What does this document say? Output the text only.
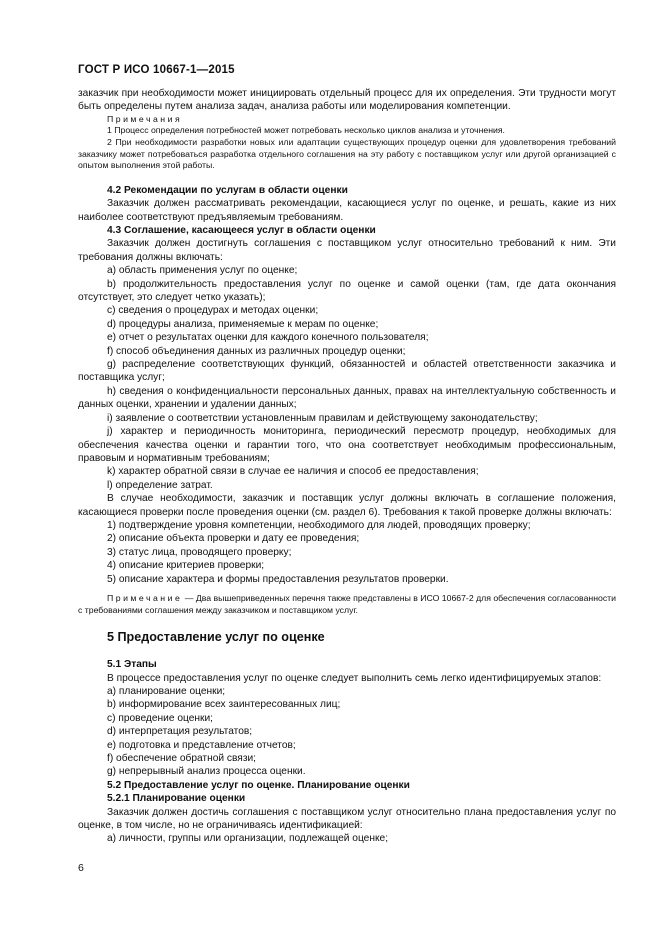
ГОСТ Р ИСО 10667-1—2015

заказчик при необходимости может инициировать отдельный процесс для их определения. Эти трудности могут быть определены путем анализа задач, анализа работы или моделирования компетенции.

Примечания

1 Процесс определения потребностей может потребовать несколько циклов анализа и уточнения.

2 При необходимости разработки новых или адаптации существующих процедур оценки для удовлетворения требований заказчику может потребоваться разработка отдельного соглашения на эту работу с поставщиком услуг или другой организацией с опытом выполнения этой работы.

4.2 Рекомендации по услугам в области оценки

Заказчик должен рассматривать рекомендации, касающиеся услуг по оценке, и решать, какие из них наиболее соответствуют предъявляемым требованиям.

4.3 Соглашение, касающееся услуг в области оценки

Заказчик должен достигнуть соглашения с поставщиком услуг относительно требований к ним. Эти требования должны включать:

a) область применения услуг по оценке;

b) продолжительность предоставления услуг по оценке и самой оценки (там, где дата окончания отсутствует, это следует четко указать);

c) сведения о процедурах и методах оценки;

d) процедуры анализа, применяемые к мерам по оценке;

e) отчет о результатах оценки для каждого конечного пользователя;

f) способ объединения данных из различных процедур оценки;

g) распределение соответствующих функций, обязанностей и областей ответственности заказчика и поставщика услуг;

h) сведения о конфиденциальности персональных данных, правах на интеллектуальную собственность и данных оценки, хранении и удалении данных;

i) заявление о соответствии установленным правилам и действующему законодательству;

j) характер и периодичность мониторинга, периодический пересмотр процедур, необходимых для обеспечения качества оценки и гарантии того, что она соответствует необходимым профессиональным, правовым и нормативным требованиям;

k) характер обратной связи в случае ее наличия и способ ее предоставления;

l) определение затрат.

В случае необходимости, заказчик и поставщик услуг должны включать в соглашение положения, касающиеся проверки после проведения оценки (см. раздел 6). Требования к такой проверке должны включать:

1) подтверждение уровня компетенции, необходимого для людей, проводящих проверку;

2) описание объекта проверки и дату ее проведения;

3) статус лица, проводящего проверку;

4) описание критериев проверки;

5) описание характера и формы предоставления результатов проверки.

Примечание — Два вышеприведенных перечня также представлены в ИСО 10667-2 для обеспечения согласованности с требованиями соглашения между заказчиком и поставщиком услуг.

5 Предоставление услуг по оценке

5.1 Этапы

В процессе предоставления услуг по оценке следует выполнить семь легко идентифицируемых этапов:

a) планирование оценки;

b) информирование всех заинтересованных лиц;

c) проведение оценки;

d) интерпретация результатов;

e) подготовка и представление отчетов;

f) обеспечение обратной связи;

g) непрерывный анализ процесса оценки.

5.2 Предоставление услуг по оценке. Планирование оценки

5.2.1 Планирование оценки

Заказчик должен достичь соглашения с поставщиком услуг относительно плана предоставления услуг по оценке, в том числе, но не ограничиваясь идентификацией:

a) личности, группы или организации, подлежащей оценке;

6
